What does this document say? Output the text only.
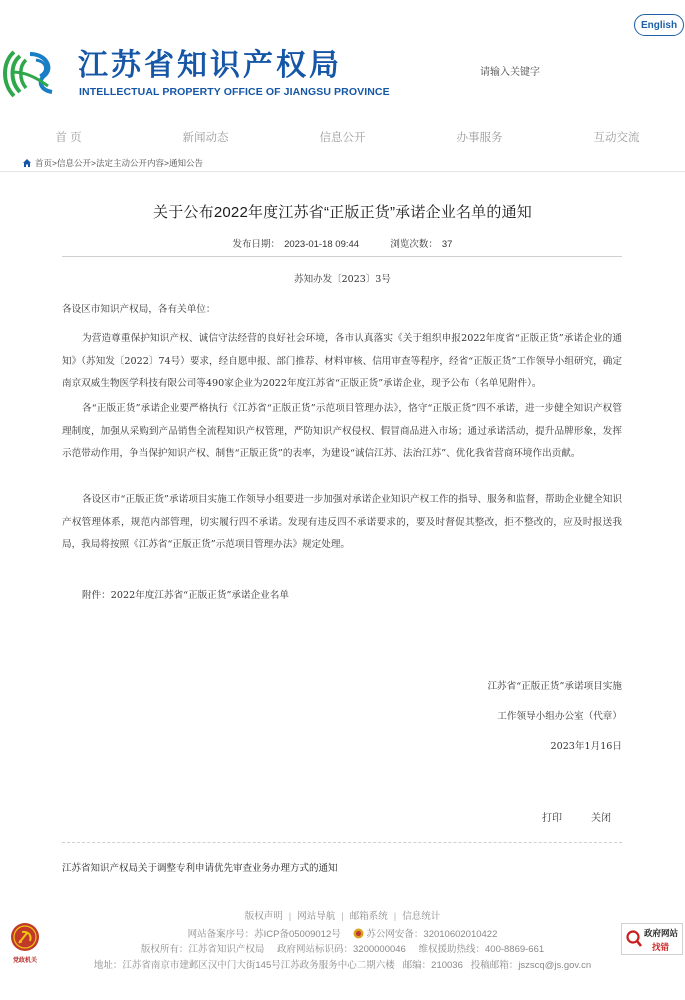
English
江苏省知识产权局
INTELLECTUAL PROPERTY OFFICE OF JIANGSU PROVINCE
请输入关键字
首 页	新闻动态	信息公开	办事服务	互动交流
首页 > 信息公开 > 法定主动公开内容 > 通知公告
关于公布2022年度江苏省“正版正货”承诺企业名单的通知
发布日期： 2023-01-18 09:44	浏览次数： 37
苏知办发〔2023〕3号
各设区市知识产权局，各有关单位：
为营造尊重保护知识产权、诚信守法经营的良好社会环境，各市认真落实《关于组织申报2022年度省“正版正货”承诺企业的通知》（苏知发〔2022〕74号）要求，经自愿申报、部门推荐、材料审核、信用审查等程序，经省“正版正货”工作领导小组研究，确定南京双威生物医学科技有限公司等490家企业为2022年度江苏省“正版正货”承诺企业，现予公布（名单见附件）。
各“正版正货”承诺企业要严格执行《江苏省“正版正货”示范项目管理办法》，恪守“正版正货”四不承诺，进一步健全知识产权管理制度，加强从采购到产品销售全流程知识产权管理，严防知识产权侵权、假冒商品进入市场；通过承诺活动，提升品牌形象，发挥示范带动作用，争当保护知识产权、制售“正版正货”的表率，为建设“诚信江苏、法治江苏”、优化我省营商环境作出贡献。
各设区市“正版正货”承诺项目实施工作领导小组要进一步加强对承诺企业知识产权工作的指导、服务和监督，帮助企业健全知识产权管理体系，规范内部管理，切实履行四不承诺。发现有违反四不承诺要求的，要及时督促其整改，拒不整改的，应及时报送我局，我局将按照《江苏省“正版正货”示范项目管理办法》规定处理。
附件：2022年度江苏省“正版正货”承诺企业名单
江苏省“正版正货”承诺项目实施
工作领导小组办公室（代章）
2023年1月16日
打印	关闭
江苏省知识产权局关于调整专利申请优先审查业务办理方式的通知
版权声明 | 网站导航 | 邮箱系统 | 信息统计
网站备案序号：苏ICP备05009012号	苏公网安备：32010602010422
版权所有：江苏省知识产权局 政府网站标识码：3200000046 维权援助热线：400-8869-661
地址：江苏省南京市建邺区汉中门大街145号江苏政务服务中心二期六楼 邮编：210036 投稿邮箱：jszscq@js.gov.cn
党政机关
政府网站
找错
